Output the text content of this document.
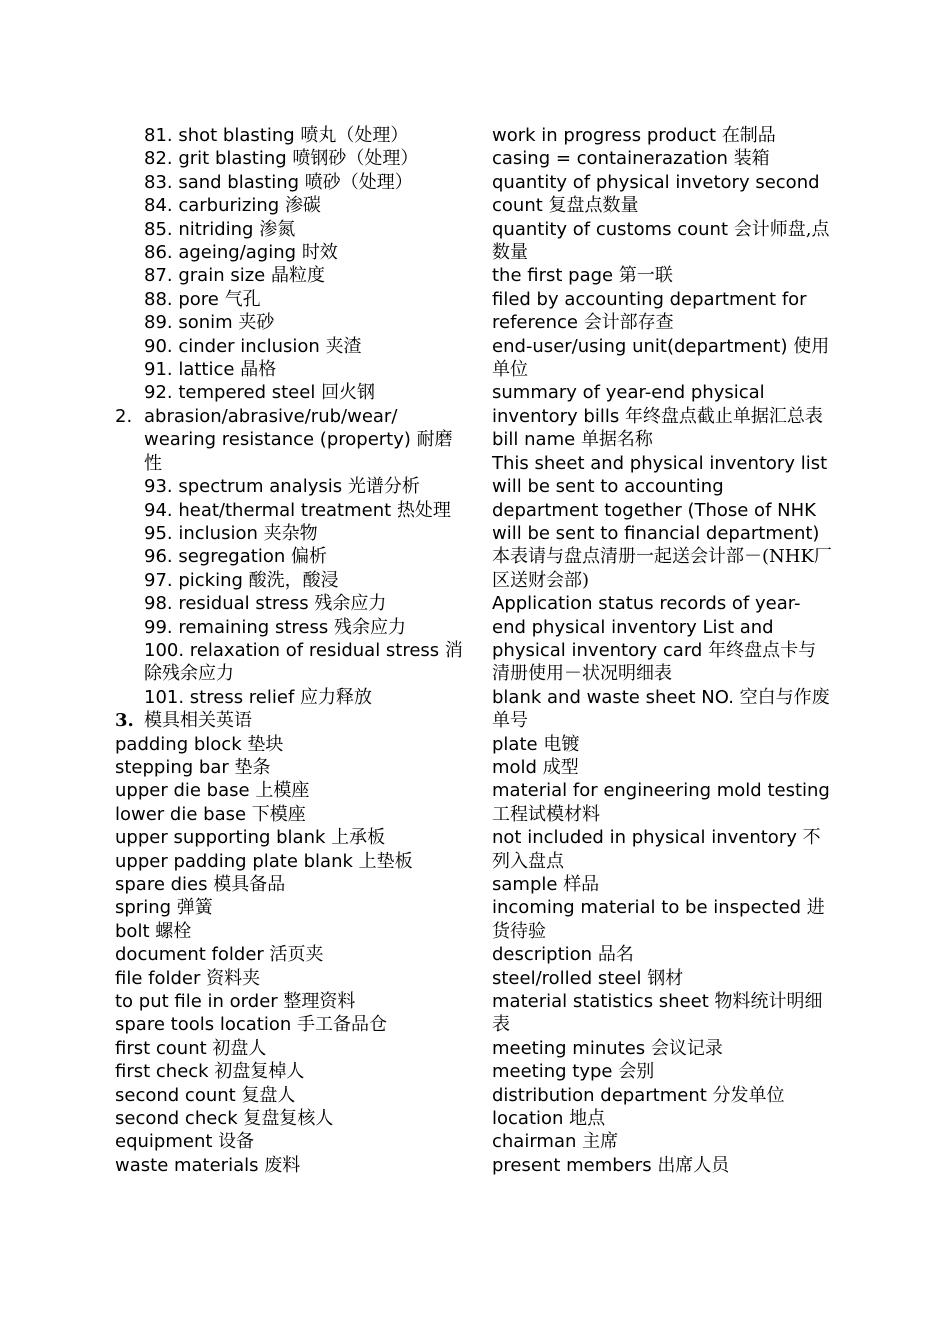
81. shot blasting 喷丸（处理）
82. grit blasting 喷钢砂（处理）
83. sand blasting 喷砂（处理）
84. carburizing 渗碳
85. nitriding 渗氮
86. ageing/aging 时效
87. grain size 晶粒度
88. pore 气孔
89. sonim 夹砂
90. cinder inclusion 夹渣
91. lattice 晶格
92. tempered steel 回火钢
2. abrasion/abrasive/rub/wear/ wearing resistance (property) 耐磨性
93. spectrum analysis 光谱分析
94. heat/thermal treatment 热处理
95. inclusion 夹杂物
96. segregation 偏析
97. picking 酸洗，酸浸
98. residual stress 残余应力
99. remaining stress 残余应力
100. relaxation of residual stress 消除残余应力
101. stress relief 应力释放
3. 模具相关英语
padding block 垫块
stepping bar 垫条
upper die base 上模座
lower die base 下模座
upper supporting blank 上承板
upper padding plate blank 上垫板
spare dies 模具备品
spring 弹簧
bolt 螺栓
document folder 活页夹
file folder 资料夹
to put file in order 整理资料
spare tools location 手工备品仓
first count 初盘人
first check 初盘复棹人
second count 复盘人
second check 复盘复核人
equipment 设备
waste materials 废料
work in progress product 在制品
casing = containerazation 装箱
quantity of physical invetory second count 复盘点数量
quantity of customs count 会计师盘,点数量
the first page 第一联
filed by accounting department for reference 会计部存查
end-user/using unit(department) 使用单位
summary of year-end physical inventory bills 年终盘点截止单据汇总表
bill name 单据名称
This sheet and physical inventory list will be sent to accounting department together (Those of NHK will be sent to financial department) 本表请与盘点清册一起送会计部－(NHK厂区送财会部)
Application status records of year-end physical inventory List and physical inventory card 年终盘点卡与清册使用－状况明细表
blank and waste sheet NO. 空白与作废单号
plate 电镀
mold 成型
material for engineering mold testing 工程试模材料
not included in physical inventory 不列入盘点
sample 样品
incoming material to be inspected 进货待验
description 品名
steel/rolled steel 钢材
material statistics sheet 物料统计明细表
meeting minutes 会议记录
meeting type 会别
distribution department 分发单位
location 地点
chairman 主席
present members 出席人员
